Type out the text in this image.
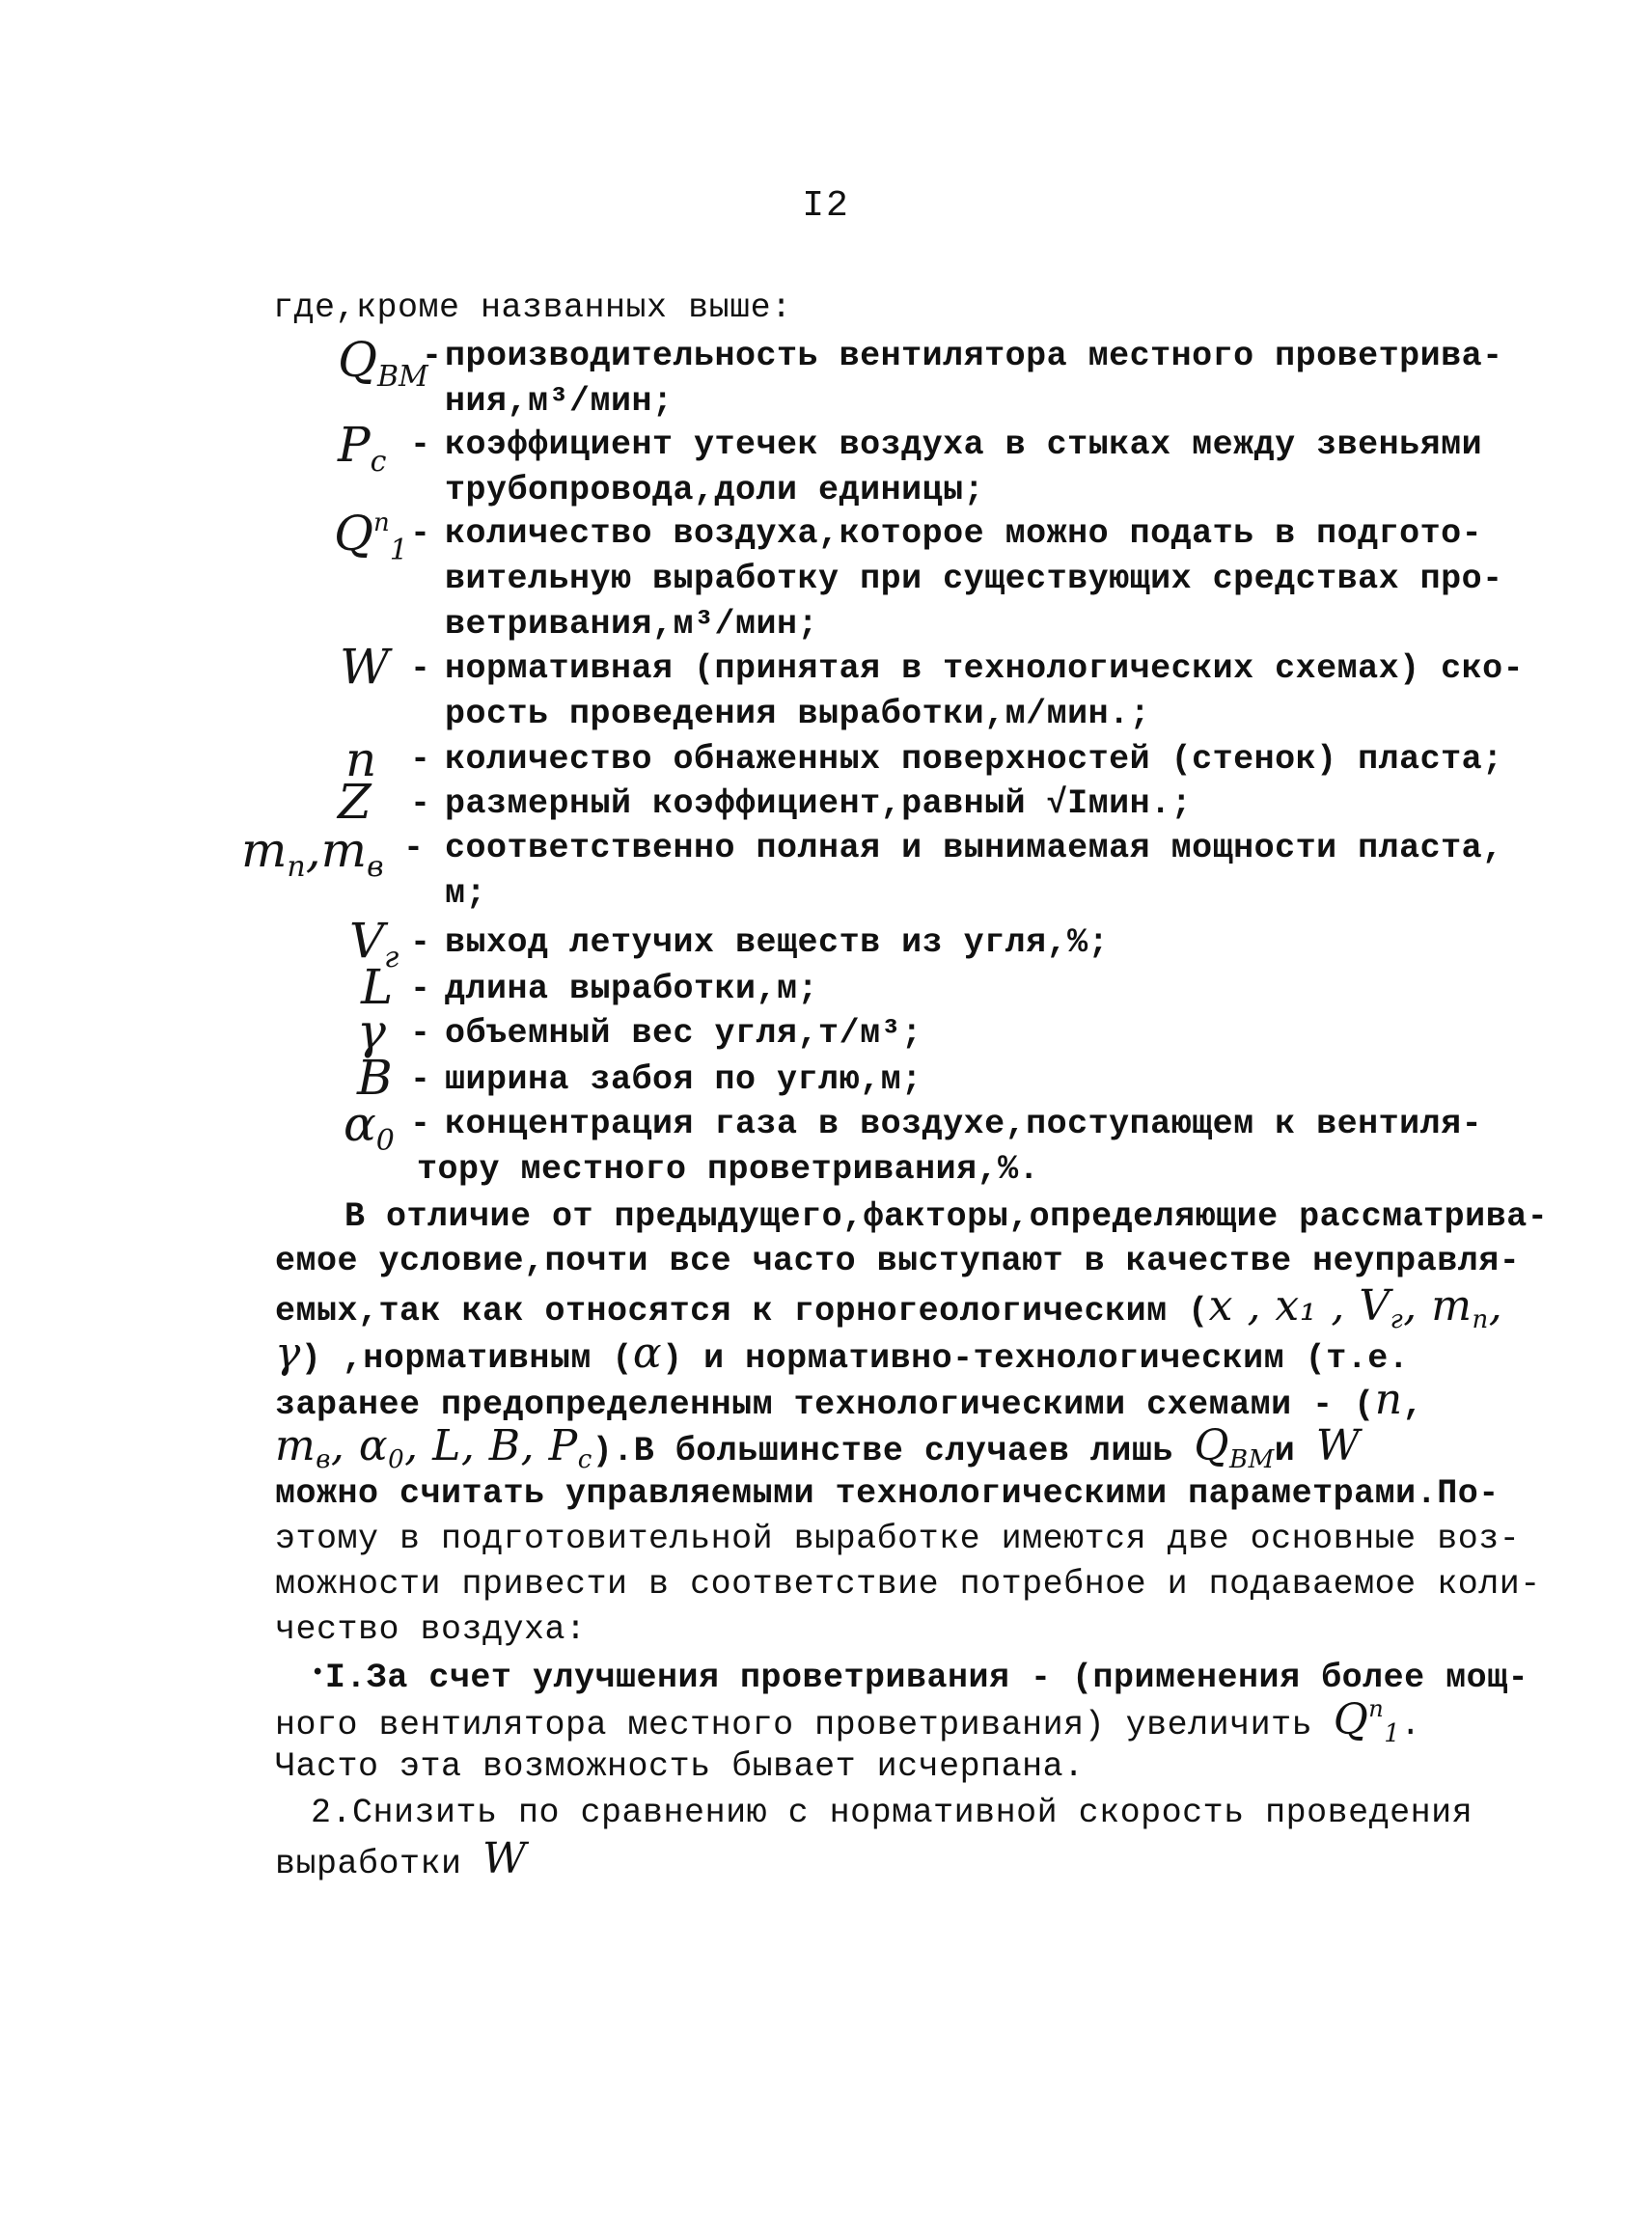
I2
где,кроме названных выше:
$Q_{ВМ}$
- производительность вентилятора местного проветрива-
ния,м³/мин;
$P_c$ - коэффициент утечек воздуха в стыках между звеньями
трубопровода,доли единицы;
$Q^п_1$ - количество воздуха,которое можно подать в подгото-
вительную выработку при существующих средствах про-
ветривания,м³/мин;
W - нормативная (принятая в технологических схемах) ско-
рость проведения выработки,м/мин.;
n - количество обнаженных поверхностей (стенок) пласта;
Z - размерный коэффициент,равный √Iмин.;
$m_п,m_в$ - соответственно полная и вынимаемая мощности пласта,
м;
$V_г$ - выход летучих веществ из угля,%;
L - длина выработки,м;
γ - объемный вес угля,т/м³;
B - ширина забоя по углю,м;
$\alpha_0$ - концентрация газа в воздухе,поступающем к вентиля-
тору местного проветривания,%.
В отличие от предыдущего,факторы,определяющие рассматрива-
емое условие,почти все часто выступают в качестве неуправля-
емых,так как относятся к горногеологическим (x , x₁ , $V_г$, $m_п$,
γ) ,нормативным (α) и нормативно-технологическим (т.е.
заранее предопределенным технологическими схемами - (n,
$m_в$, $\alpha_0$, L, B, $P_c).В$ большинстве случаев лишь $Q_{ВМ}и$ W
можно считать управляемыми технологическими параметрами.По-
этому в подготовительной выработке имеются две основные воз-
можности привести в соответствие потребное и подаваемое коли-
чество воздуха:
•I.За счет улучшения проветривания - (применения более мощ-
ного вентилятора местного проветривания) увеличить $Q^п_1$.
Часто эта возможность бывает исчерпана.
2.Снизить по сравнению с нормативной скорость проведения
выработки W
